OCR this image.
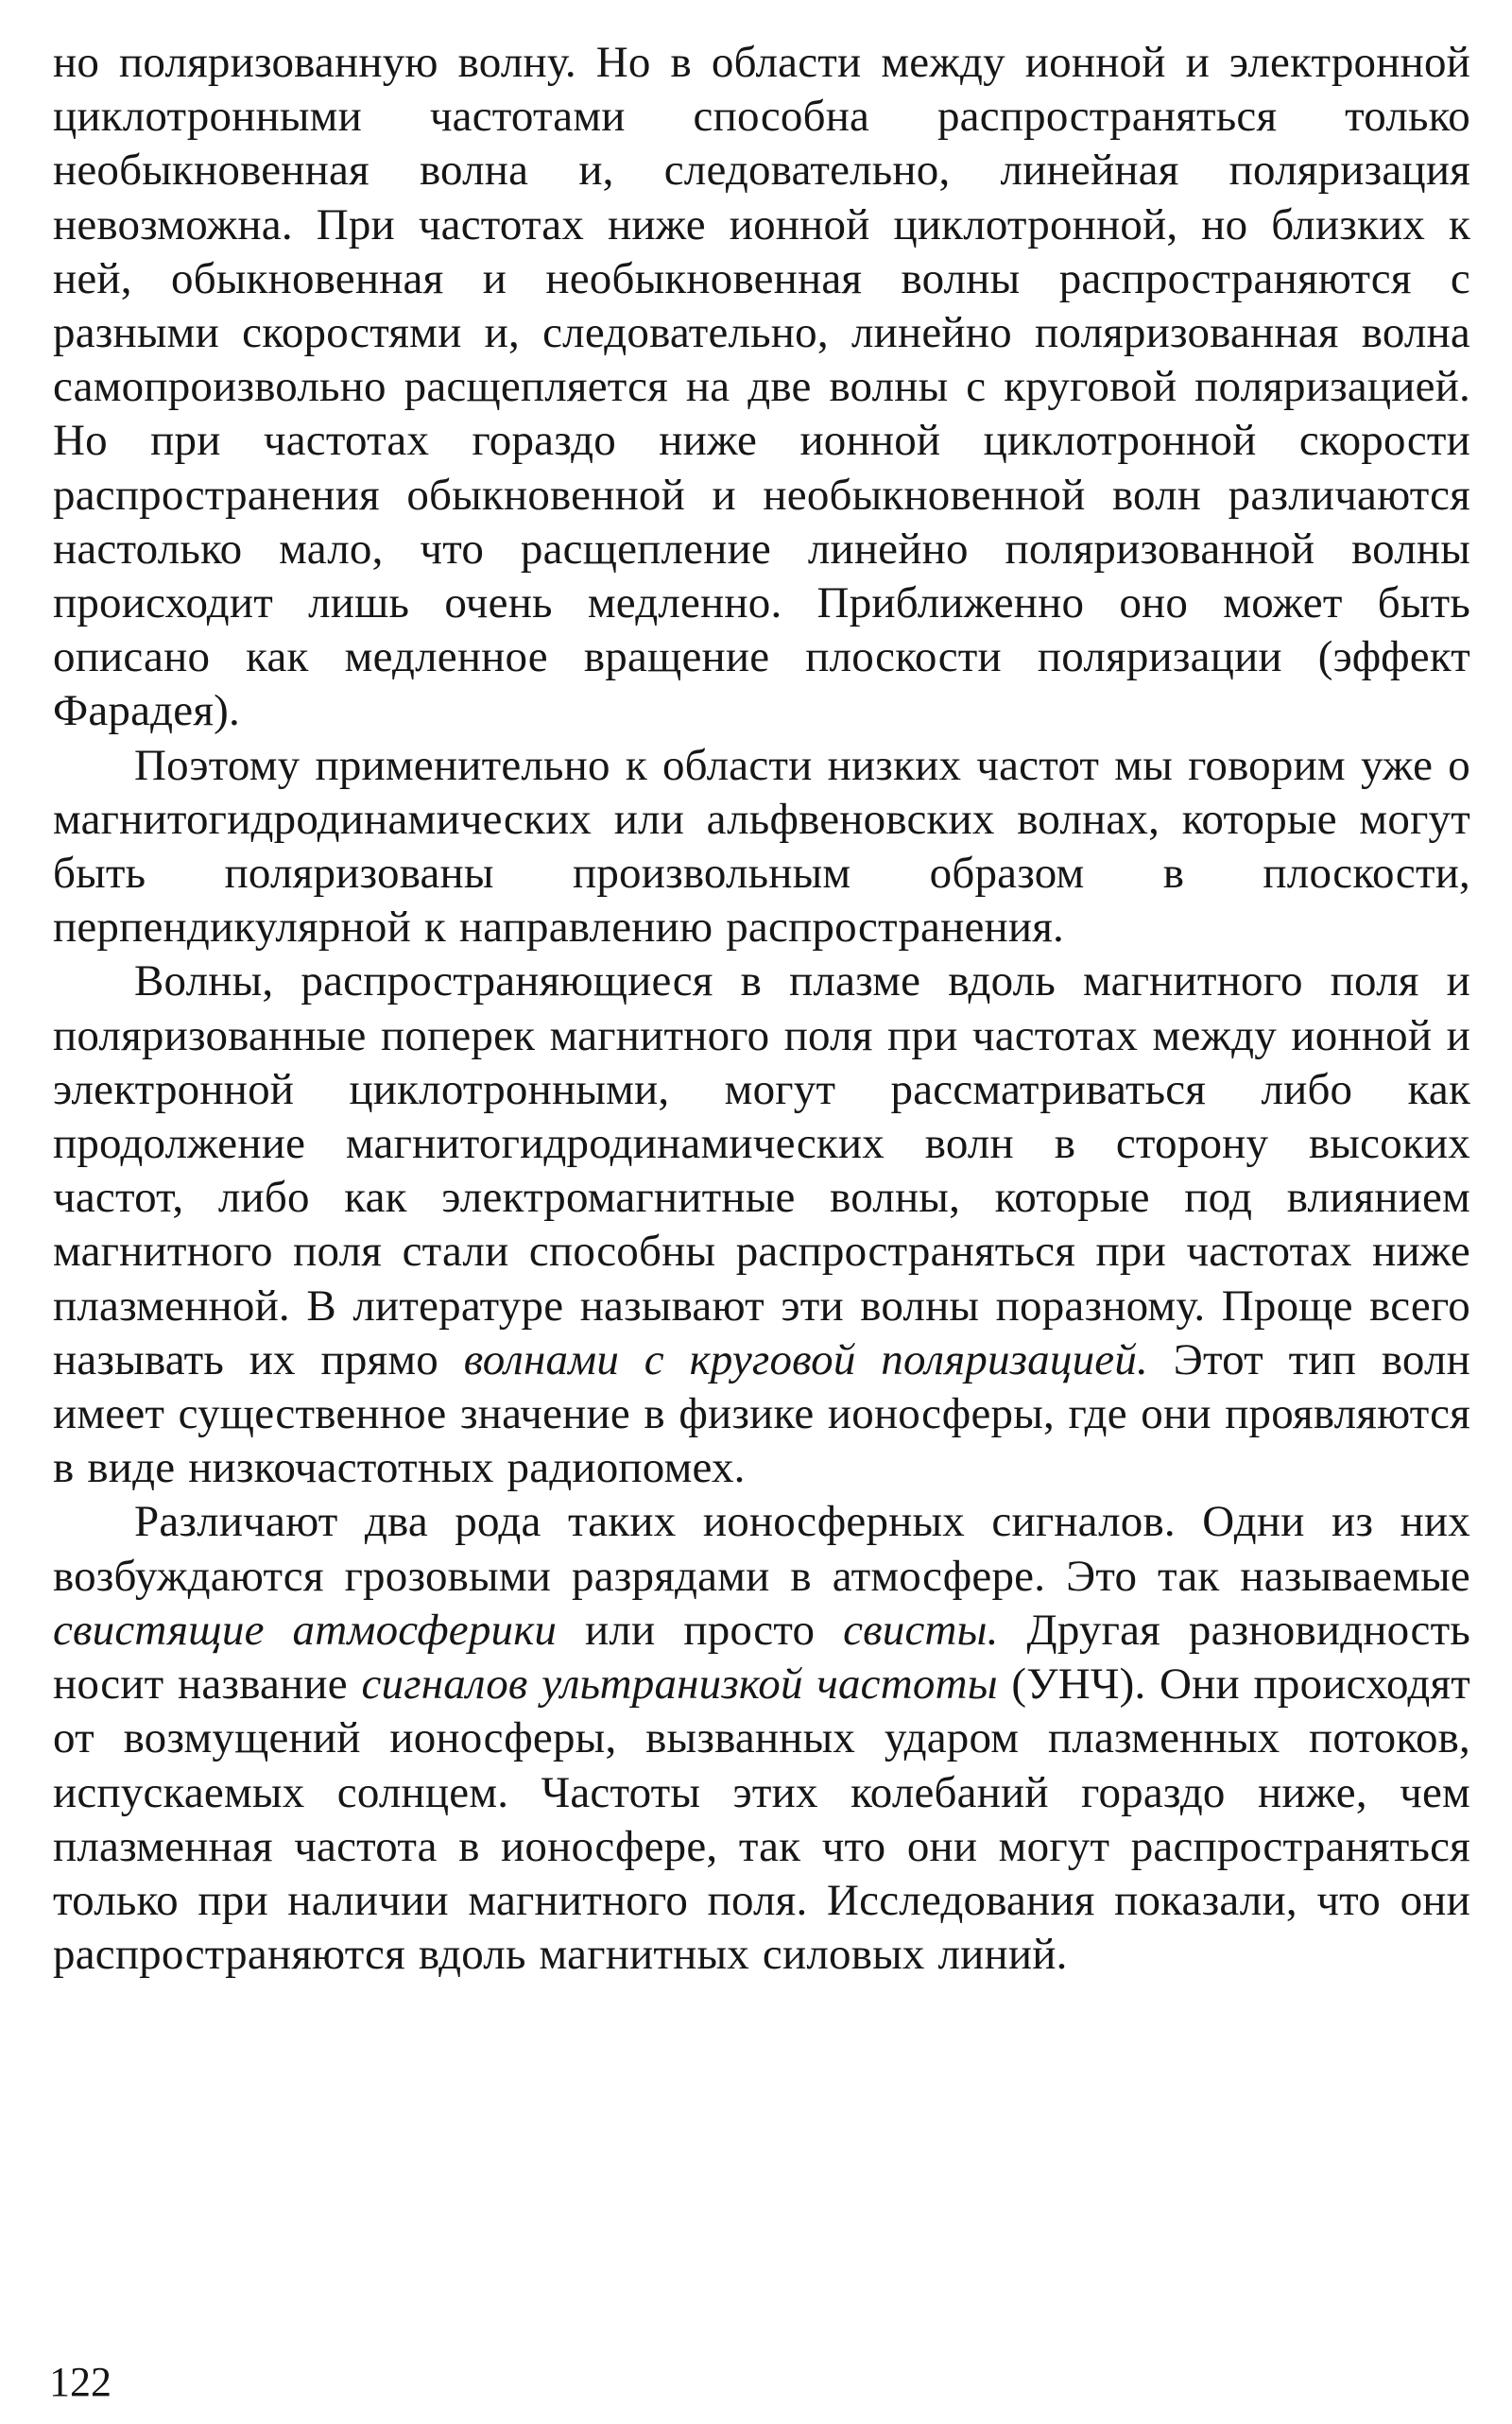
но поляризованную волну. Но в области между ионной и электронной циклотронными частотами способна распространяться только необыкновенная волна и, следовательно, линейная поляризация невозможна. При частотах ниже ионной циклотронной, но близких к ней, обыкновенная и необыкновенная волны распространяются с разными скоростями и, следовательно, линейно поляризованная волна самопроизвольно расщепляется на две волны с круговой поляризацией. Но при частотах гораздо ниже ионной циклотронной скорости распространения обыкновенной и необыкновенной волн различаются настолько мало, что расщепление линейно поляризованной волны происходит лишь очень медленно. Приближенно оно может быть описано как медленное вращение плоскости поляризации (эффект Фарадея).

Поэтому применительно к области низких частот мы говорим уже о магнитогидродинамических или альфвеновских волнах, которые могут быть поляризованы произвольным образом в плоскости, перпендикулярной к направлению распространения.

Волны, распространяющиеся в плазме вдоль магнитного поля и поляризованные поперек магнитного поля при частотах между ионной и электронной циклотронными, могут рассматриваться либо как продолжение магнитогидродинамических волн в сторону высоких частот, либо как электромагнитные волны, которые под влиянием магнитного поля стали способны распространяться при частотах ниже плазменной. В литературе называют эти волны поразному. Проще всего называть их прямо волнами с круговой поляризацией. Этот тип волн имеет существенное значение в физике ионосферы, где они проявляются в виде низкочастотных радиопомех.

Различают два рода таких ионосферных сигналов. Одни из них возбуждаются грозовыми разрядами в атмосфере. Это так называемые свистящие атмосферики или просто свисты. Другая разновидность носит название сигналов ультранизкой частоты (УНЧ). Они происходят от возмущений ионосферы, вызванных ударом плазменных потоков, испускаемых солнцем. Частоты этих колебаний гораздо ниже, чем плазменная частота в ионосфере, так что они могут распространяться только при наличии магнитного поля. Исследования показали, что они распространяются вдоль магнитных силовых линий.

122
